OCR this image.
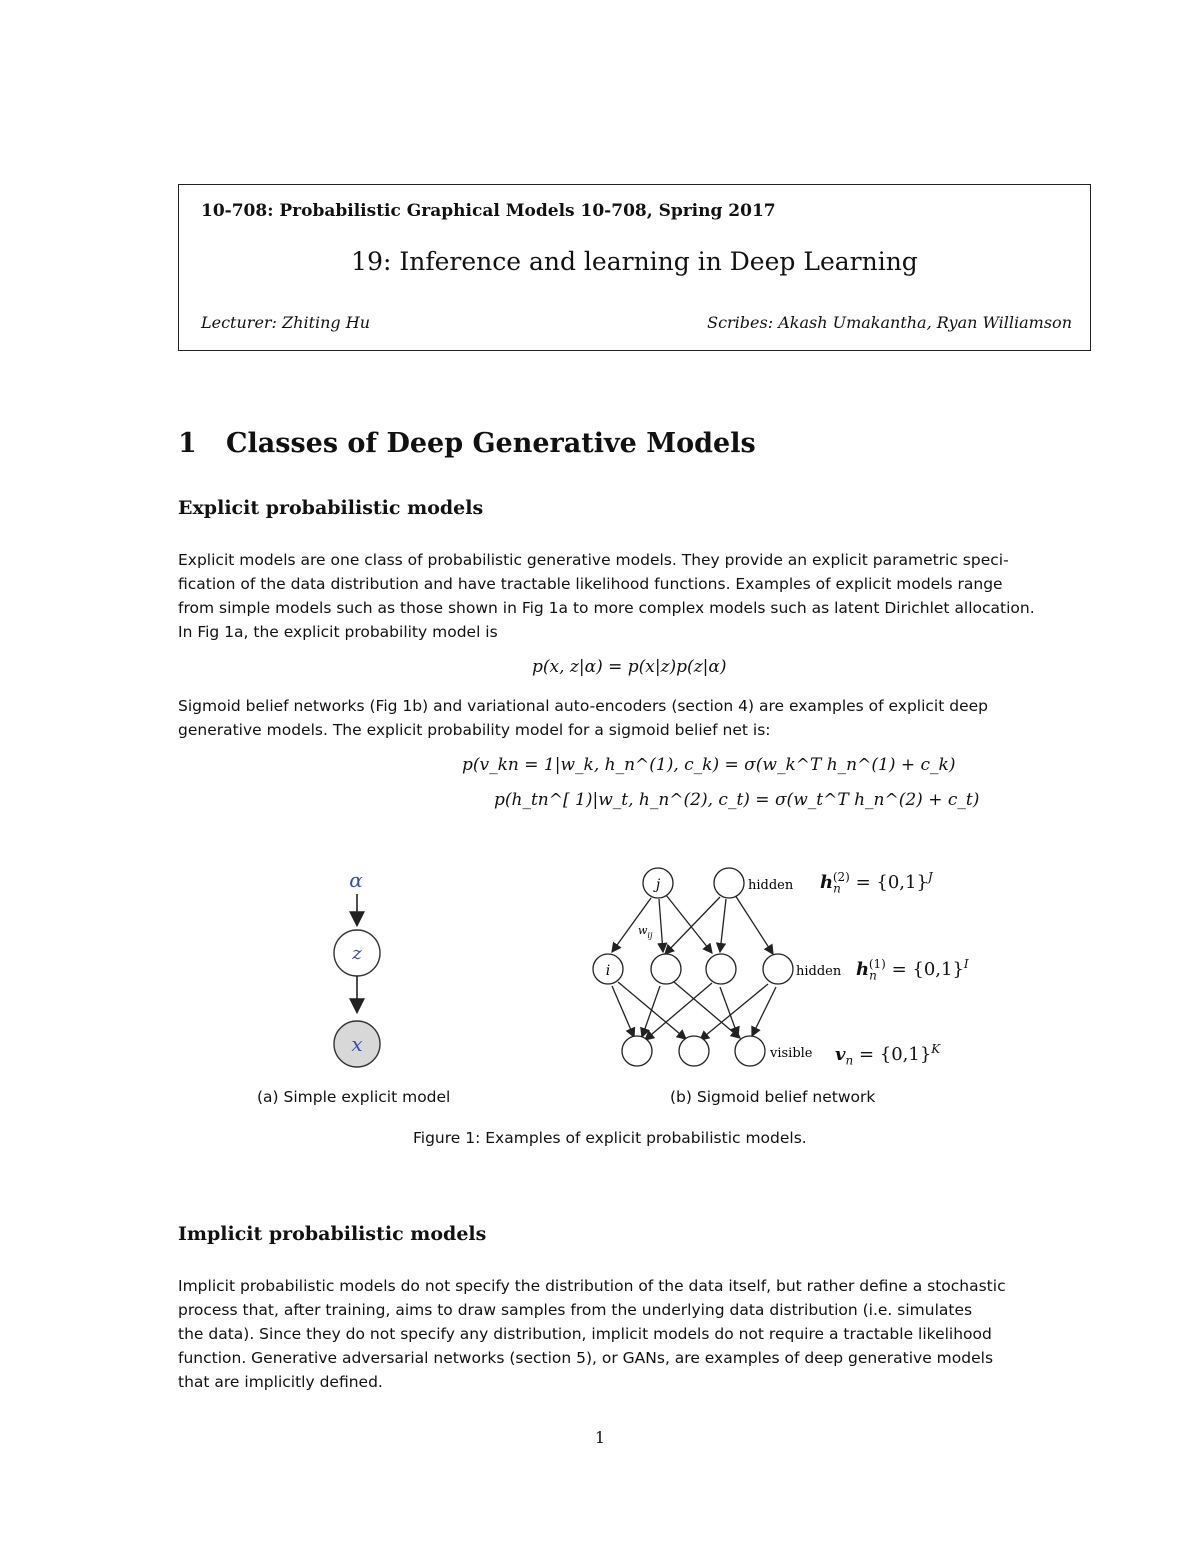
10-708: Probabilistic Graphical Models 10-708, Spring 2017
19: Inference and learning in Deep Learning
Lecturer: Zhiting Hu	Scribes: Akash Umakantha, Ryan Williamson
1 Classes of Deep Generative Models
Explicit probabilistic models
Explicit models are one class of probabilistic generative models. They provide an explicit parametric speci-
fication of the data distribution and have tractable likelihood functions. Examples of explicit models range
from simple models such as those shown in Fig 1a to more complex models such as latent Dirichlet allocation.
In Fig 1a, the explicit probability model is
p(x, z|α) = p(x|z)p(z|α)
Sigmoid belief networks (Fig 1b) and variational auto-encoders (section 4) are examples of explicit deep
generative models. The explicit probability model for a sigmoid belief net is:
p(v_kn = 1|w_k, h_n^(1), c_k) = σ(w_k^T h_n^(1) + c_k)
p(h_tn^[ 1)|w_t, h_n^(2), c_t) = σ(w_t^T h_n^(2) + c_t)
α
z
x
j	hidden
$w_{ij}$
i	hidden
visible
$h_n^{(2)} = \{0,1\}^J$
$h_n^{(1)} = \{0,1\}^I$
$v_n = \{0,1\}^K$
(a) Simple explicit model	(b) Sigmoid belief network
Figure 1: Examples of explicit probabilistic models.
Implicit probabilistic models
Implicit probabilistic models do not specify the distribution of the data itself, but rather define a stochastic
process that, after training, aims to draw samples from the underlying data distribution (i.e. simulates
the data). Since they do not specify any distribution, implicit models do not require a tractable likelihood
function. Generative adversarial networks (section 5), or GANs, are examples of deep generative models
that are implicitly defined.
1
